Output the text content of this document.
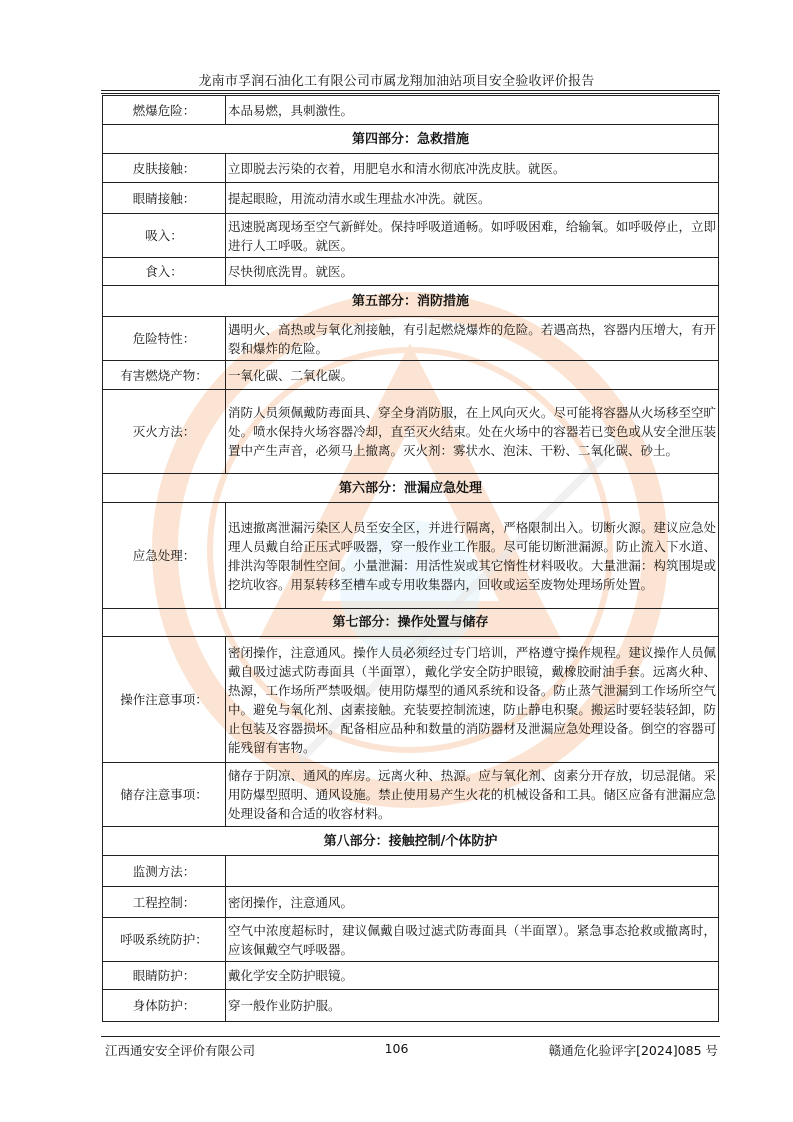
龙南市孚润石油化工有限公司市属龙翔加油站项目安全验收评价报告
燃爆危险：	本品易燃，具刺激性。
第四部分：急救措施	
皮肤接触：	立即脱去污染的衣着，用肥皂水和清水彻底冲洗皮肤。就医。
眼睛接触：	提起眼睑，用流动清水或生理盐水冲洗。就医。
吸入：	迅速脱离现场至空气新鲜处。保持呼吸道通畅。如呼吸困难，给输氧。如呼吸停止，立即进行人工呼吸。就医。
食入：	尽快彻底洗胃。就医。
第五部分：消防措施	
危险特性：	遇明火、高热或与氧化剂接触，有引起燃烧爆炸的危险。若遇高热，容器内压增大，有开裂和爆炸的危险。
有害燃烧产物：	一氧化碳、二氧化碳。
灭火方法：	消防人员须佩戴防毒面具、穿全身消防服，在上风向灭火。尽可能将容器从火场移至空旷处。喷水保持火场容器冷却，直至灭火结束。处在火场中的容器若已变色或从安全泄压装置中产生声音，必须马上撤离。灭火剂：雾状水、泡沫、干粉、二氧化碳、砂土。
第六部分：泄漏应急处理	
应急处理：	迅速撤离泄漏污染区人员至安全区，并进行隔离，严格限制出入。切断火源。建议应急处理人员戴自给正压式呼吸器，穿一般作业工作服。尽可能切断泄漏源。防止流入下水道、排洪沟等限制性空间。小量泄漏：用活性炭或其它惰性材料吸收。大量泄漏：构筑围堤或挖坑收容。用泵转移至槽车或专用收集器内，回收或运至废物处理场所处置。
第七部分：操作处置与储存	
操作注意事项：	密闭操作，注意通风。操作人员必须经过专门培训，严格遵守操作规程。建议操作人员佩戴自吸过滤式防毒面具（半面罩），戴化学安全防护眼镜，戴橡胶耐油手套。远离火种、热源，工作场所严禁吸烟。使用防爆型的通风系统和设备。防止蒸气泄漏到工作场所空气中。避免与氧化剂、卤素接触。充装要控制流速，防止静电积聚。搬运时要轻装轻卸，防止包装及容器损坏。配备相应品种和数量的消防器材及泄漏应急处理设备。倒空的容器可能残留有害物。
储存注意事项：	储存于阴凉、通风的库房。远离火种、热源。应与氧化剂、卤素分开存放，切忌混储。采用防爆型照明、通风设施。禁止使用易产生火花的机械设备和工具。储区应备有泄漏应急处理设备和合适的收容材料。
第八部分：接触控制/个体防护	
监测方法：	
工程控制：	密闭操作，注意通风。
呼吸系统防护：	空气中浓度超标时，建议佩戴自吸过滤式防毒面具（半面罩）。紧急事态抢救或撤离时，应该佩戴空气呼吸器。
眼睛防护：	戴化学安全防护眼镜。
身体防护：	穿一般作业防护服。
江西通安安全评价有限公司	106	赣通危化验评字[2024]085 号
